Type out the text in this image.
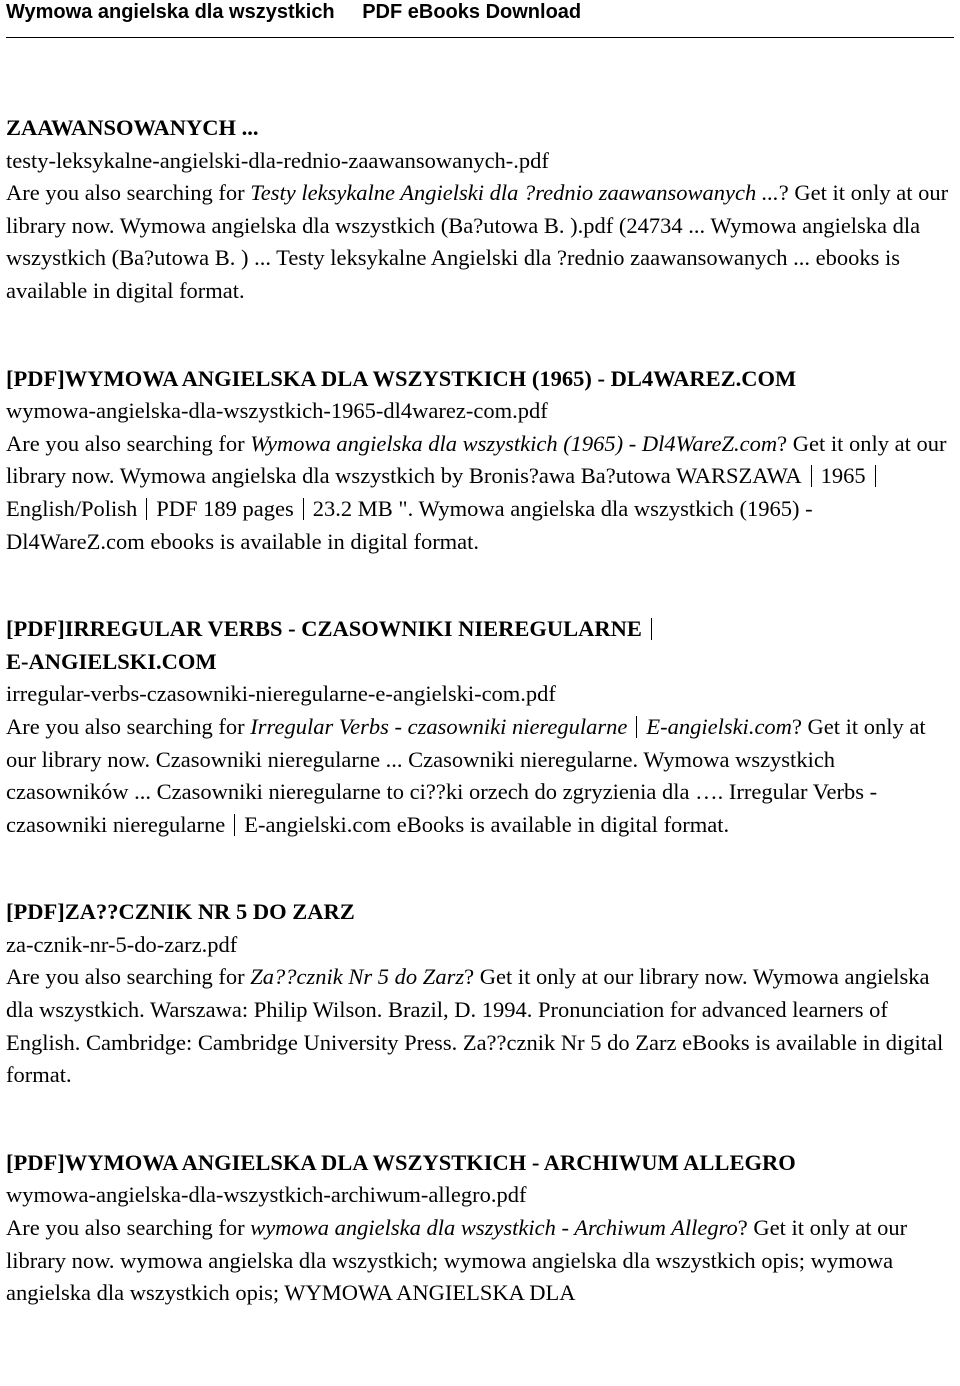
Wymowa angielska dla wszystkich PDF eBooks Download
ZAAWANSOWANYCH ...
testy-leksykalne-angielski-dla-rednio-zaawansowanych-.pdf
Are you also searching for Testy leksykalne Angielski dla ?rednio zaawansowanych ...? Get it only at our library now. Wymowa angielska dla wszystkich (Ba?utowa B. ).pdf (24734 ... Wymowa angielska dla wszystkich (Ba?utowa B. ) ... Testy leksykalne Angielski dla ?rednio zaawansowanych ... ebooks is available in digital format.
[PDF]WYMOWA ANGIELSKA DLA WSZYSTKICH (1965) - DL4WAREZ.COM
wymowa-angielska-dla-wszystkich-1965-dl4warez-com.pdf
Are you also searching for Wymowa angielska dla wszystkich (1965) - Dl4WareZ.com? Get it only at our library now. Wymowa angielska dla wszystkich by Bronis?awa Ba?utowa WARSZAWA 1965English/Polish PDF 189 pages 23.2 MB ". Wymowa angielska dla wszystkich (1965) - Dl4WareZ.com ebooks is available in digital format.
[PDF]IRREGULAR VERBS - CZASOWNIKI NIEREGULARNE
E-ANGIELSKI.COM
irregular-verbs-czasowniki-nieregularne-e-angielski-com.pdf
Are you also searching for Irregular Verbs - czasowniki nieregularne E-angielski.com? Get it only at our library now. Czasowniki nieregularne ... Czasowniki nieregularne. Wymowa wszystkich czasowników ... Czasowniki nieregularne to ci??ki orzech do zgryzienia dla …. Irregular Verbs - czasowniki nieregularne E-angielski.com eBooks is available in digital format.
[PDF]ZA??CZNIK NR 5 DO ZARZ
za-cznik-nr-5-do-zarz.pdf
Are you also searching for Za??cznik Nr 5 do Zarz? Get it only at our library now. Wymowa angielska dla wszystkich. Warszawa: Philip Wilson. Brazil, D. 1994. Pronunciation for advanced learners of English. Cambridge: Cambridge University Press. Za??cznik Nr 5 do Zarz eBooks is available in digital format.
[PDF]WYMOWA ANGIELSKA DLA WSZYSTKICH - ARCHIWUM ALLEGRO
wymowa-angielska-dla-wszystkich-archiwum-allegro.pdf
Are you also searching for wymowa angielska dla wszystkich - Archiwum Allegro? Get it only at our library now. wymowa angielska dla wszystkich; wymowa angielska dla wszystkich opis; wymowa angielska dla wszystkich opis; WYMOWA ANGIELSKA DLA
